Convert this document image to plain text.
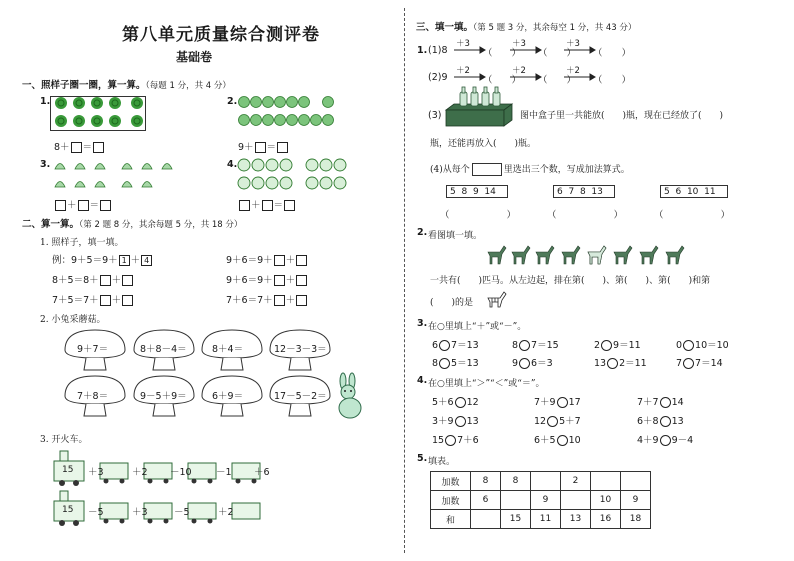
第八单元质量综合测评卷
基础卷
一、照样子圈一圈，算一算。（每题 1 分，共 4 分）
1.
8＋ ＝
2.
9＋ ＝
3.
＋ ＝
4.
＋ ＝
二、算一算。（第 2 题 8 分，其余每题 5 分，共 18 分）
1. 照样子，填一填。
例：9＋5＝9＋ 1 ＋ 4	9＋6＝9＋ ＋
8＋5＝8＋ ＋	9＋6＝9＋ ＋
7＋5＝7＋ ＋	7＋6＝7＋ ＋
2. 小兔采蘑菇。
9＋7＝	8＋8－4＝	8＋4＝	12－3－3＝
7＋8＝	9－5＋9＝	6＋9＝	17－5－2＝
3. 开火车。
15 ＋3	＋2 －10	－1 ＋6
15 －5	＋3	－5	＋2
三、填一填。（第 5 题 3 分，其余每空 1 分，共 43 分）
1. (1)8
＋3	＋3	＋3
（　　） （　　） （　　）
(2)9
＋2	＋2	＋2
（　　） （　　） （　　）
(3)	图中盒子里一共能放(　　)瓶，现在已经放了(　　)
瓶，还能再放入(　　)瓶。
(4)从每个	里选出三个数，写成加法算式。
5 8 9 14	6 7 8 13	5 6 10 11
（　　　　　　）	（　　　　　　）	（　　　　　　）
2. 看图填一填。
一共有(　　)匹马。从左边起，排在第(　　)、第(　　)、第(　　)和第
(　　)的是
3. 在○里填上“＋”或“－”。
6 7＝13	8 7＝15	2 9＝11	0 10＝10
8 5＝13	9 6＝3	13 2＝11	7 7＝14
4. 在○里填上“＞”“＜”或“＝”。
5＋6 12	7＋9 17	7＋7 14
3＋9 13	12 5＋7	6＋8 13
15 7＋6	6＋5 10	4＋9 9－4
5. 填表。
加数	8	8		2		
加数	6		9		10	9
和		15	11	13	16	18
